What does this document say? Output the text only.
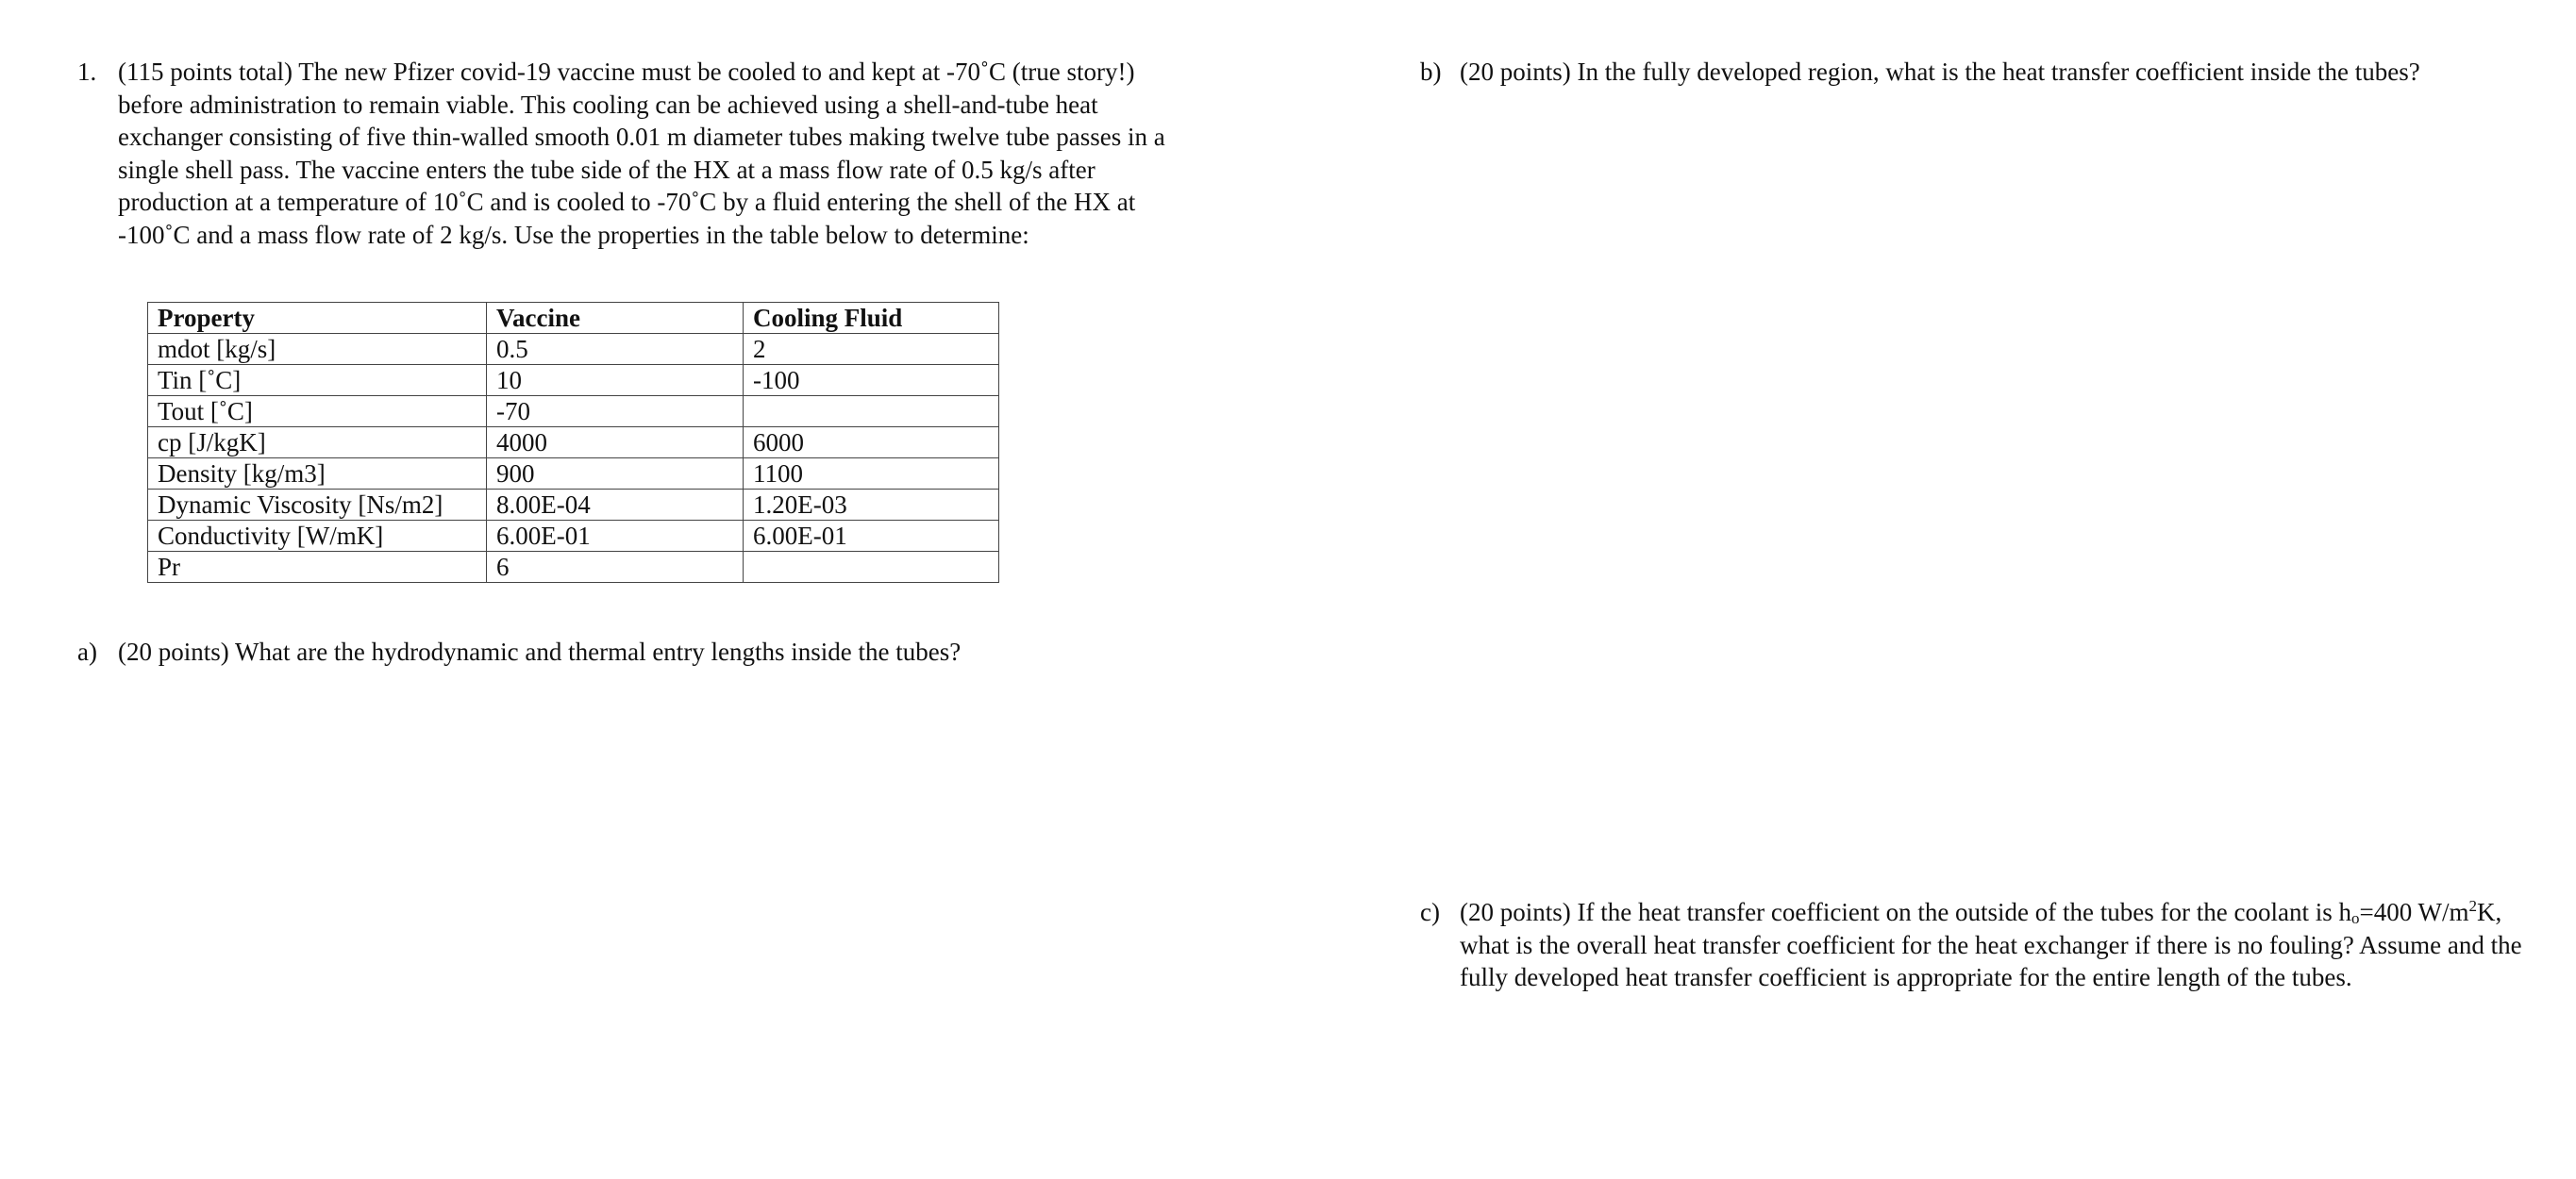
1. (115 points total) The new Pfizer covid-19 vaccine must be cooled to and kept at -70˚C (true story!) before administration to remain viable. This cooling can be achieved using a shell-and-tube heat exchanger consisting of five thin-walled smooth 0.01 m diameter tubes making twelve tube passes in a single shell pass. The vaccine enters the tube side of the HX at a mass flow rate of 0.5 kg/s after production at a temperature of 10˚C and is cooled to -70˚C by a fluid entering the shell of the HX at -100˚C and a mass flow rate of 2 kg/s. Use the properties in the table below to determine:
Property	Vaccine	Cooling Fluid
mdot [kg/s]	0.5	2
Tin [˚C]	10	-100
Tout [˚C]	-70	
cp [J/kgK]	4000	6000
Density [kg/m3]	900	1100
Dynamic Viscosity [Ns/m2]	8.00E-04	1.20E-03
Conductivity [W/mK]	6.00E-01	6.00E-01
Pr	6	
a) (20 points) What are the hydrodynamic and thermal entry lengths inside the tubes?
b) (20 points) In the fully developed region, what is the heat transfer coefficient inside the tubes?
c) (20 points) If the heat transfer coefficient on the outside of the tubes for the coolant is $h_o=400$ $W/m^2K$, what is the overall heat transfer coefficient for the heat exchanger if there is no fouling? Assume and the fully developed heat transfer coefficient is appropriate for the entire length of the tubes.
